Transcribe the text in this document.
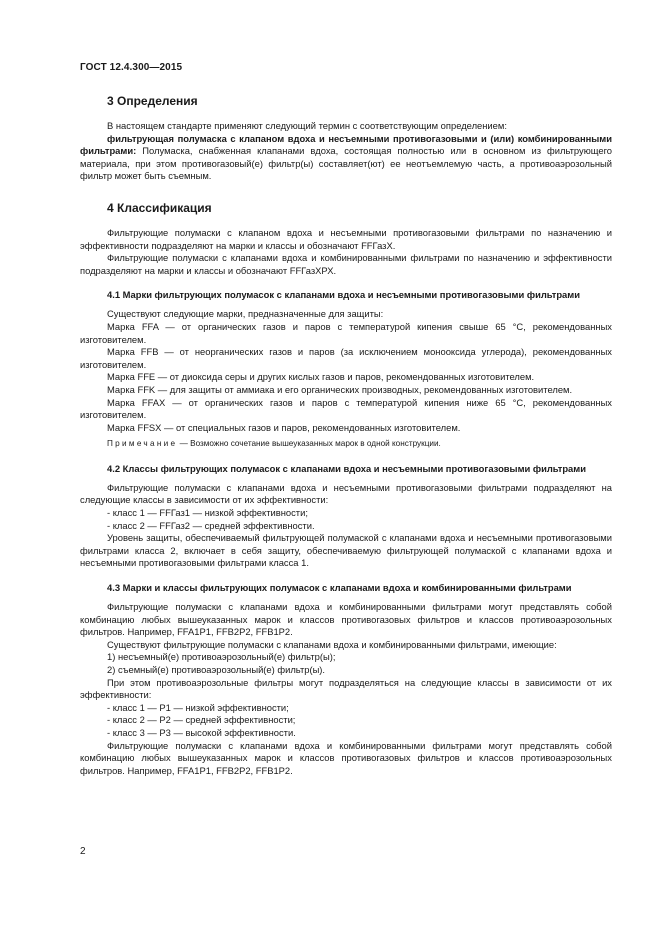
ГОСТ 12.4.300—2015
3 Определения

В настоящем стандарте применяют следующий термин с соответствующим определением:

фильтрующая полумаска с клапаном вдоха и несъемными противогазовыми и (или) комбинированными фильтрами: Полумаска, снабженная клапанами вдоха, состоящая полностью или в основном из фильтрующего материала, при этом противогазовый(е) фильтр(ы) составляет(ют) ее неотъемлемую часть, а противоаэрозольный фильтр может быть съемным.

4 Классификация

Фильтрующие полумаски с клапаном вдоха и несъемными противогазовыми фильтрами по назначению и эффективности подразделяют на марки и классы и обозначают FFГазХ.

Фильтрующие полумаски с клапанами вдоха и комбинированными фильтрами по назначению и эффективности подразделяют на марки и классы и обозначают FFГазХРХ.

4.1 Марки фильтрующих полумасок с клапанами вдоха и несъемными противогазовыми фильтрами

Существуют следующие марки, предназначенные для защиты:

Марка FFA — от органических газов и паров с температурой кипения свыше 65 °С, рекомендованных изготовителем.

Марка FFB — от неорганических газов и паров (за исключением монооксида углерода), рекомендованных изготовителем.

Марка FFE — от диоксида серы и других кислых газов и паров, рекомендованных изготовителем.

Марка FFK — для защиты от аммиака и его органических производных, рекомендованных изготовителем.

Марка FFAX — от органических газов и паров с температурой кипения ниже 65 °С, рекомендованных изготовителем.

Марка FFSX — от специальных газов и паров, рекомендованных изготовителем.

Примечание — Возможно сочетание вышеуказанных марок в одной конструкции.

4.2 Классы фильтрующих полумасок с клапанами вдоха и несъемными противогазовыми фильтрами

Фильтрующие полумаски с клапанами вдоха и несъемными противогазовыми фильтрами подразделяют на следующие классы в зависимости от их эффективности:

- класс 1 — FFГаз1 — низкой эффективности;

- класс 2 — FFГаз2 — средней эффективности.

Уровень защиты, обеспечиваемый фильтрующей полумаской с клапанами вдоха и несъемными противогазовыми фильтрами класса 2, включает в себя защиту, обеспечиваемую фильтрующей полумаской с клапанами вдоха и несъемными противогазовыми фильтрами класса 1.

4.3 Марки и классы фильтрующих полумасок с клапанами вдоха и комбинированными фильтрами

Фильтрующие полумаски с клапанами вдоха и комбинированными фильтрами могут представлять собой комбинацию любых вышеуказанных марок и классов противогазовых фильтров и классов противоаэрозольных фильтров. Например, FFA1P1, FFB2P2, FFB1P2.

Существуют фильтрующие полумаски с клапанами вдоха и комбинированными фильтрами, имеющие:

1) несъемный(е) противоаэрозольный(е) фильтр(ы);

2) съемный(е) противоаэрозольный(е) фильтр(ы).

При этом противоаэрозольные фильтры могут подразделяться на следующие классы в зависимости от их эффективности:

- класс 1 — Р1 — низкой эффективности;

- класс 2 — Р2 — средней эффективности;

- класс 3 — Р3 — высокой эффективности.

Фильтрующие полумаски с клапанами вдоха и комбинированными фильтрами могут представлять собой комбинацию любых вышеуказанных марок и классов противогазовых фильтров и классов противоаэрозольных фильтров. Например, FFA1P1, FFB2P2, FFB1P2.

2
